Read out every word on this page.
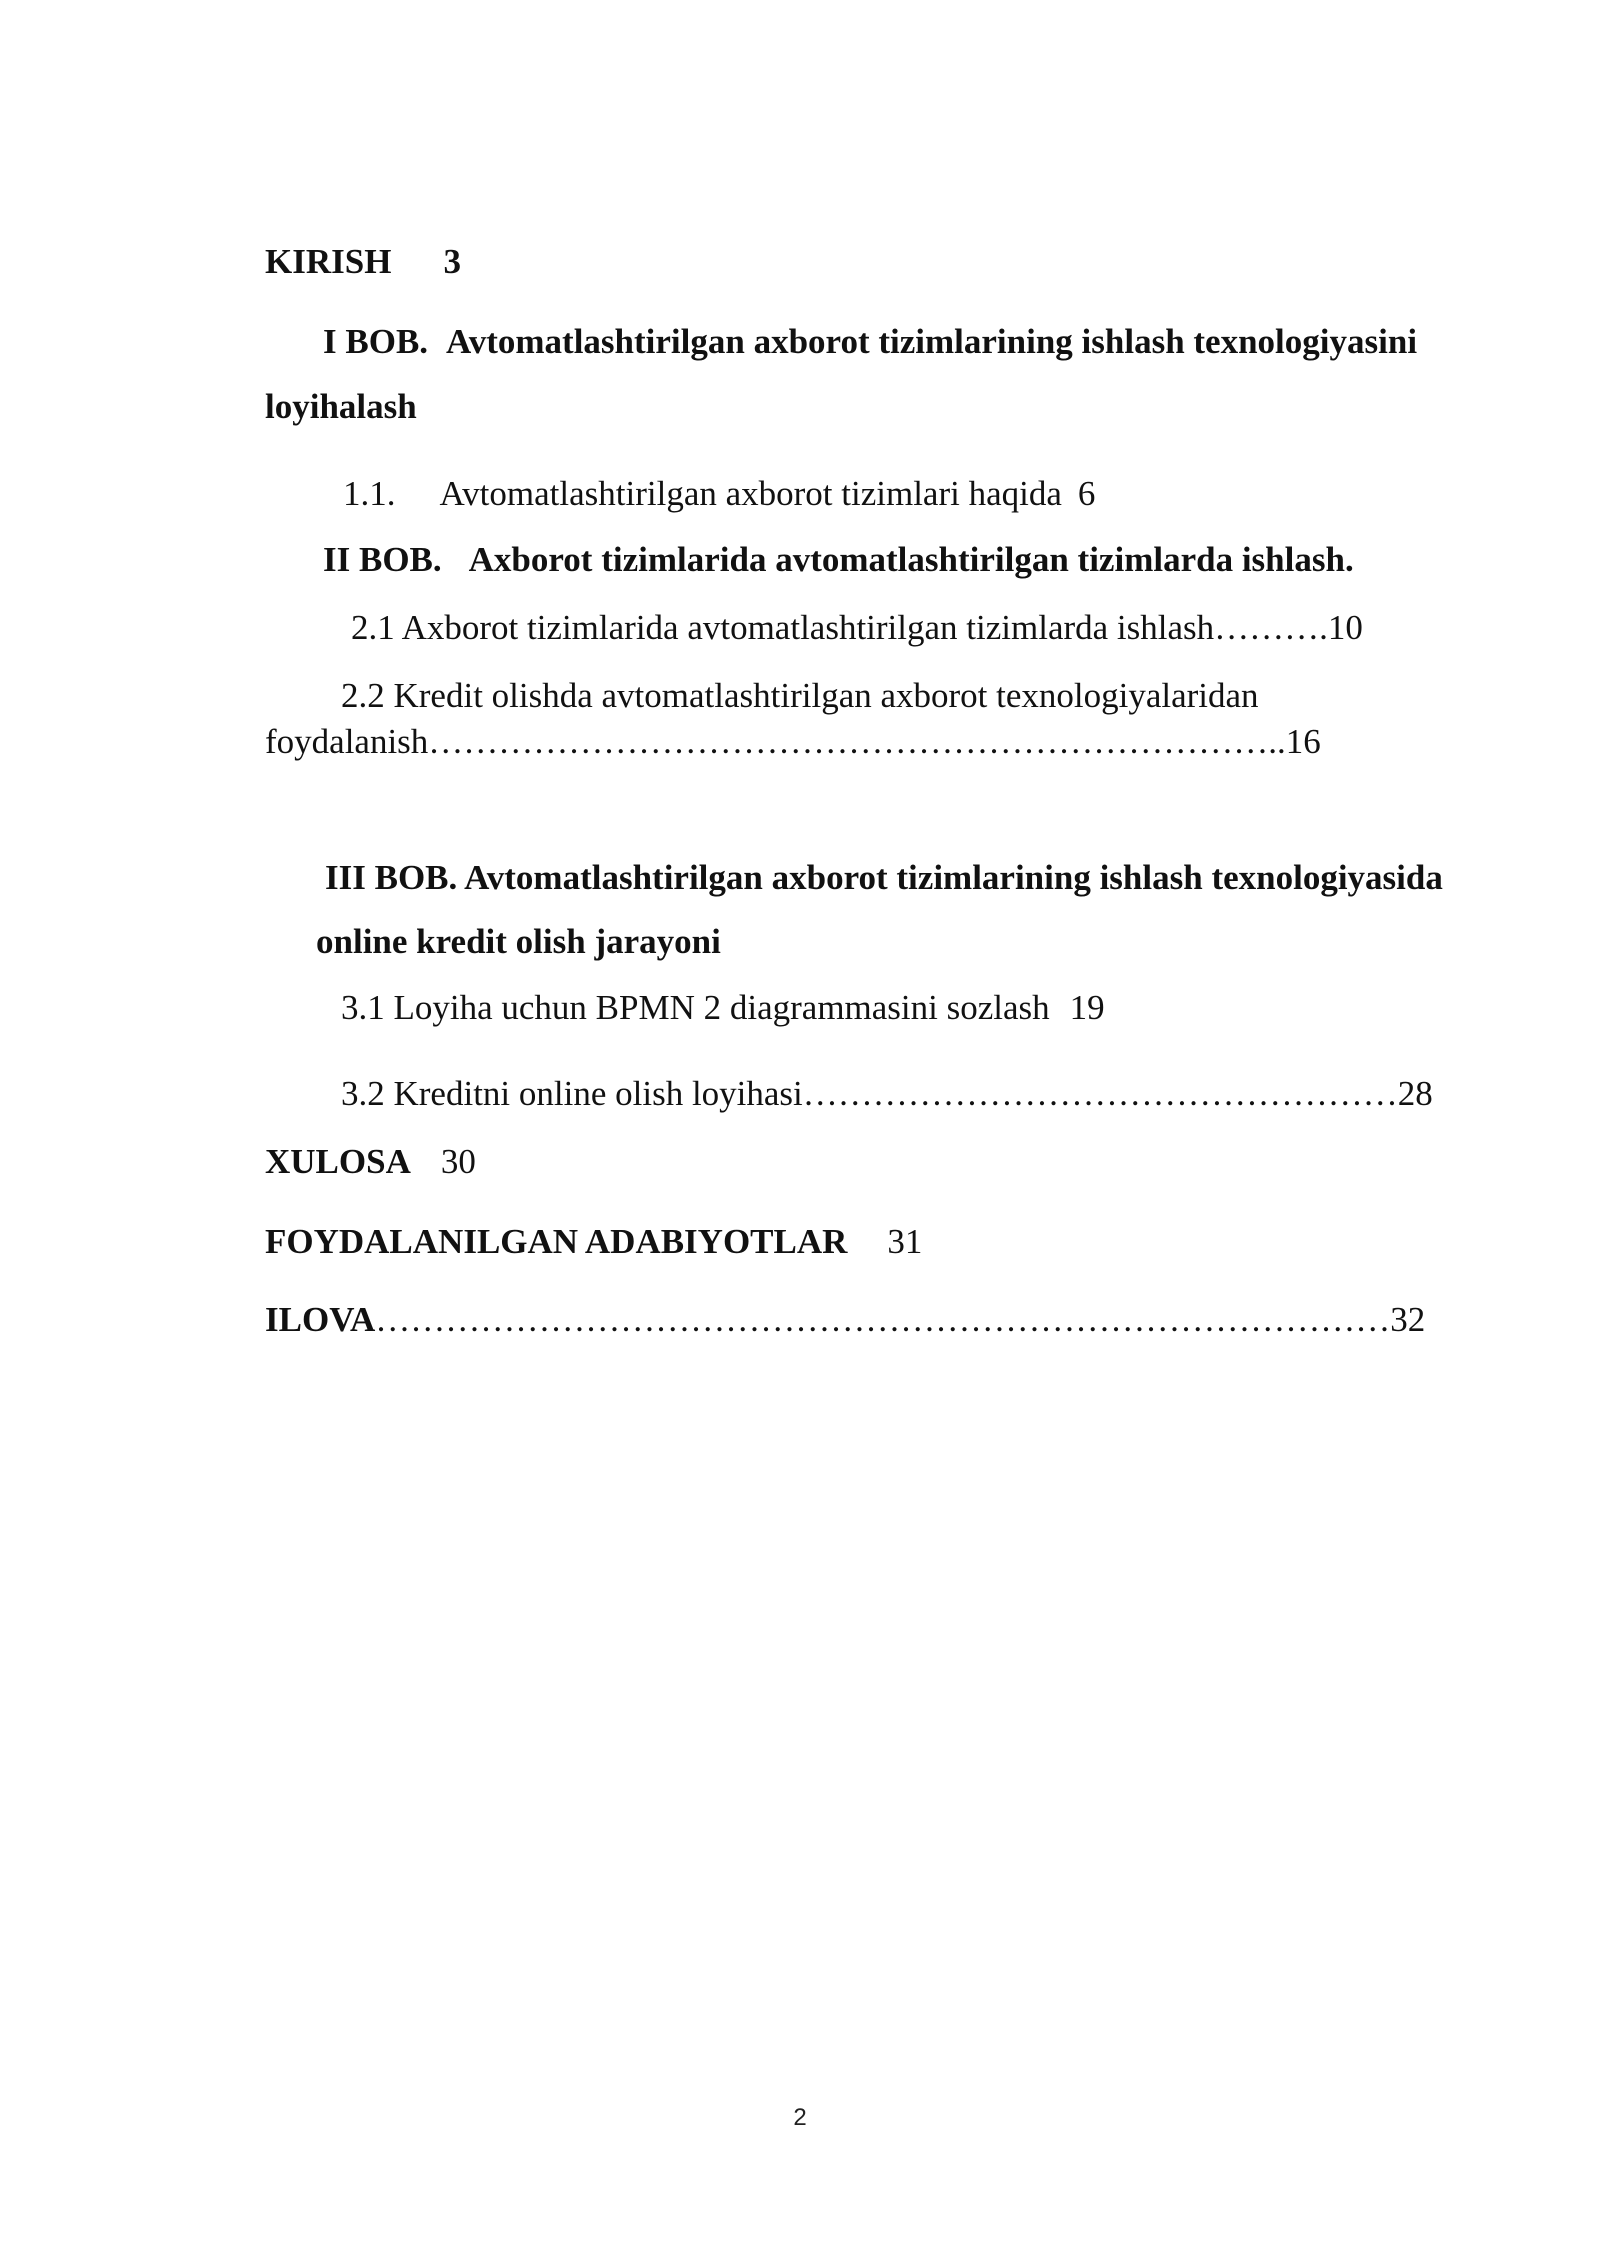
KIRISH 3

I BOB. Avtomatlashtirilgan axborot tizimlarining ishlash texnologiyasini

loyihalash

1.1. Avtomatlashtirilgan axborot tizimlari haqida 6

II BOB. Axborot tizimlarida avtomatlashtirilgan tizimlarda ishlash.

2.1 Axborot tizimlarida avtomatlashtirilgan tizimlarda ishlash……….10

2.2 Kredit olishda avtomatlashtirilgan axborot texnologiyalaridan

foydalanish………………………………………………………………..16

III BOB. Avtomatlashtirilgan axborot tizimlarining ishlash texnologiyasida

online kredit olish jarayoni

3.1 Loyiha uchun BPMN 2 diagrammasini sozlash 19

3.2 Kreditni online olish loyihasi……………………………………………28

XULOSA 30

FOYDALANILGAN ADABIYOTLAR 31

ILOVA……………………………………………………………………………32

2
